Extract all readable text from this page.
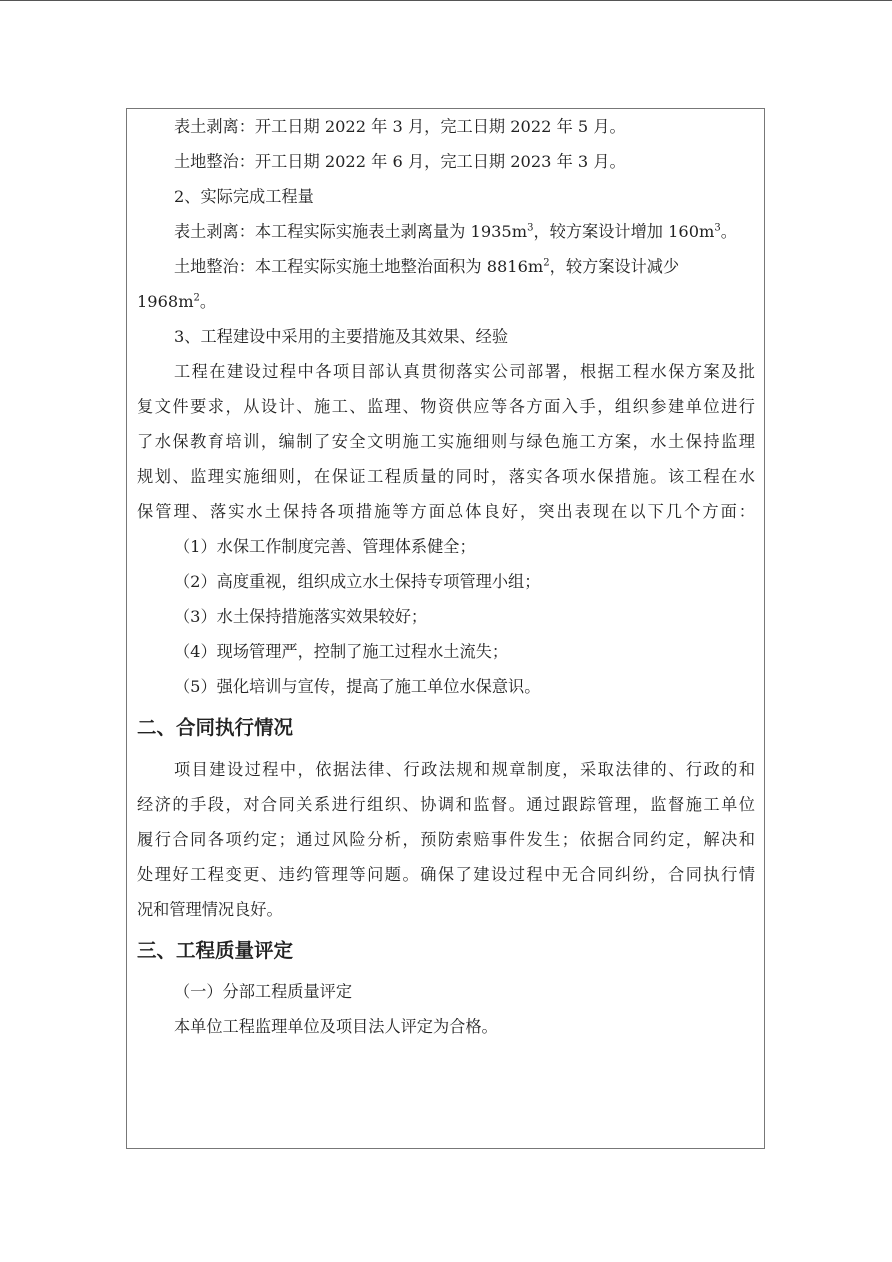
表土剥离：开工日期 2022 年 3 月，完工日期 2022 年 5 月。
土地整治：开工日期 2022 年 6 月，完工日期 2023 年 3 月。
2、实际完成工程量
表土剥离：本工程实际实施表土剥离量为 $1935m^3$，较方案设计增加 $160m^3$。
土地整治：本工程实际实施土地整治面积为 $8816m^2$，较方案设计减少
$1968m^2$。
3、工程建设中采用的主要措施及其效果、经验
工程在建设过程中各项目部认真贯彻落实公司部署，根据工程水保方案及批
复文件要求，从设计、施工、监理、物资供应等各方面入手，组织参建单位进行
了水保教育培训，编制了安全文明施工实施细则与绿色施工方案，水土保持监理
规划、监理实施细则，在保证工程质量的同时，落实各项水保措施。该工程在水
保管理、落实水土保持各项措施等方面总体良好，突出表现在以下几个方面：
（1）水保工作制度完善、管理体系健全；
（2）高度重视，组织成立水土保持专项管理小组；
（3）水土保持措施落实效果较好；
（4）现场管理严，控制了施工过程水土流失；
（5）强化培训与宣传，提高了施工单位水保意识。
二、合同执行情况
项目建设过程中，依据法律、行政法规和规章制度，采取法律的、行政的和
经济的手段，对合同关系进行组织、协调和监督。通过跟踪管理，监督施工单位
履行合同各项约定；通过风险分析，预防索赔事件发生；依据合同约定，解决和
处理好工程变更、违约管理等问题。确保了建设过程中无合同纠纷，合同执行情
况和管理情况良好。
三、工程质量评定
（一）分部工程质量评定
本单位工程监理单位及项目法人评定为合格。
